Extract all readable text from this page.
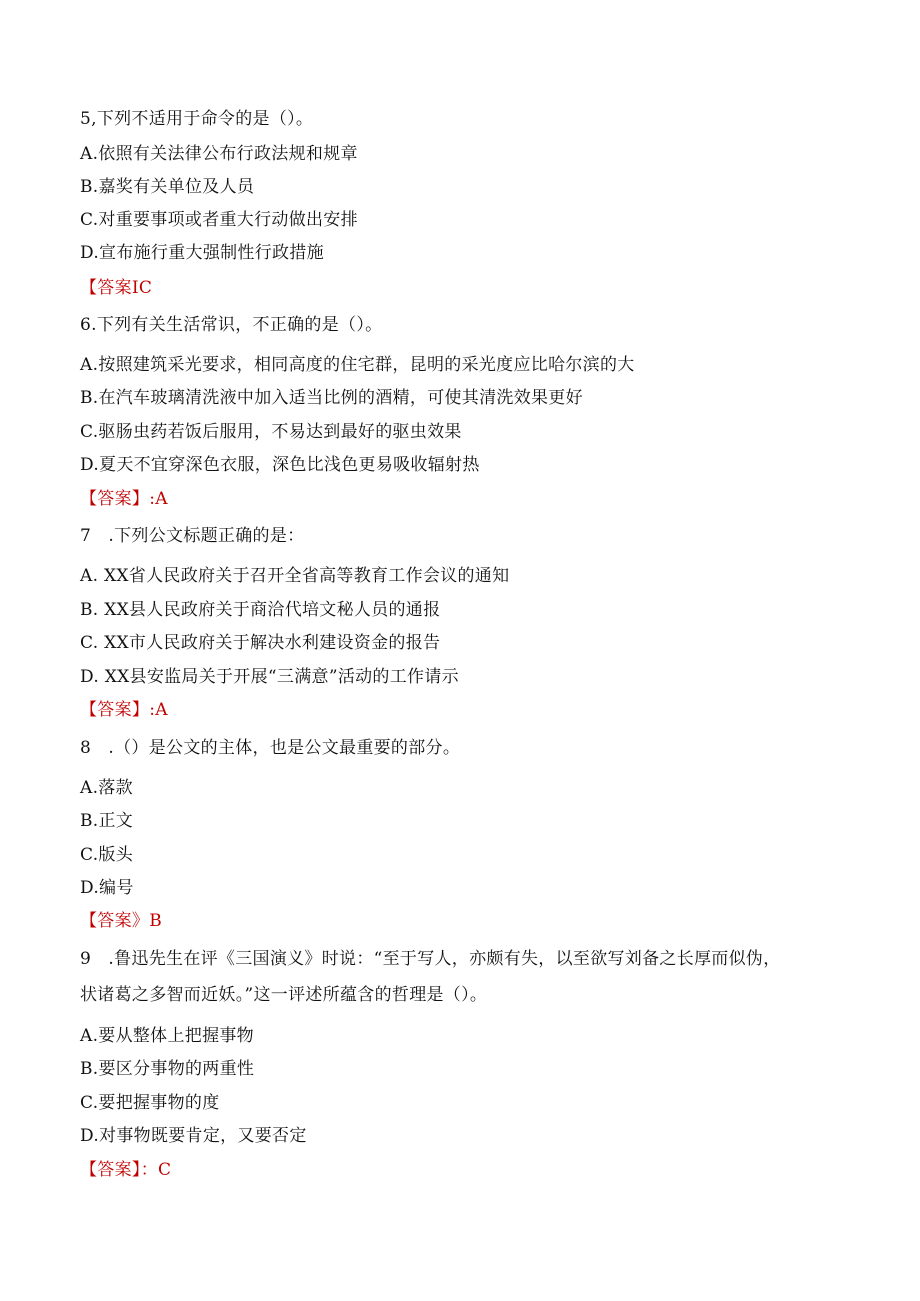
5,下列不适用于命令的是（）。
A.依照有关法律公布行政法规和规章
B.嘉奖有关单位及人员
C.对重要事项或者重大行动做出安排
D.宣布施行重大强制性行政措施
【答案IC
6.下列有关生活常识，不正确的是（）。
A.按照建筑采光要求，相同高度的住宅群，昆明的采光度应比哈尔滨的大
B.在汽车玻璃清洗液中加入适当比例的酒精，可使其清洗效果更好
C.驱肠虫药若饭后服用，不易达到最好的驱虫效果
D.夏天不宜穿深色衣服，深色比浅色更易吸收辐射热
【答案】:A
7　.下列公文标题正确的是：
A. XX省人民政府关于召开全省高等教育工作会议的通知
B. XX县人民政府关于商洽代培文秘人员的通报
C. XX市人民政府关于解决水利建设资金的报告
D. XX县安监局关于开展“三满意”活动的工作请示
【答案】:A
8　.（）是公文的主体，也是公文最重要的部分。
A.落款
B.正文
C.版头
D.编号
【答案》B
9　.鲁迅先生在评《三国演义》时说：“至于写人，亦颇有失，以至欲写刘备之长厚而似伪，
状诸葛之多智而近妖。”这一评述所蕴含的哲理是（）。
A.要从整体上把握事物
B.要区分事物的两重性
C.要把握事物的度
D.对事物既要肯定，又要否定
【答案】：C
